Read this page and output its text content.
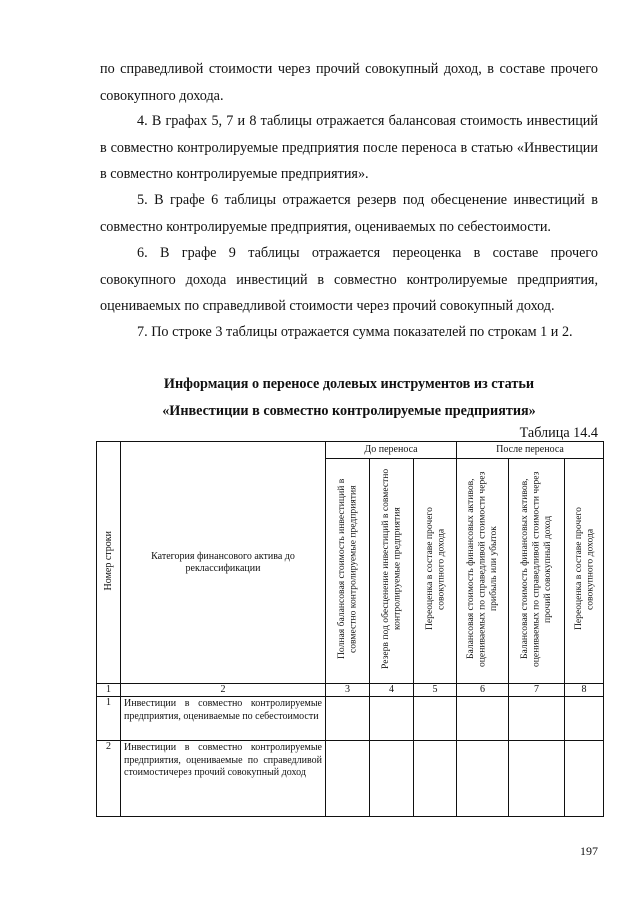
по справедливой стоимости через прочий совокупный доход, в составе прочего совокупного дохода.

4. В графах 5, 7 и 8 таблицы отражается балансовая стоимость инвестиций в совместно контролируемые предприятия после переноса в статью «Инвестиции в совместно контролируемые предприятия».

5. В графе 6 таблицы отражается резерв под обесценение инвестиций в совместно контролируемые предприятия, оцениваемых по себестоимости.

6. В графе 9 таблицы отражается переоценка в составе прочего совокупного дохода инвестиций в совместно контролируемые предприятия, оцениваемых по справедливой стоимости через прочий совокупный доход.

7. По строке 3 таблицы отражается сумма показателей по строкам 1 и 2.

Информация о переносе долевых инструментов из статьи

«Инвестиции в совместно контролируемые предприятия»

Таблица 14.4
Номер строки	Категория финансового актива до реклассификации	До переноса			После переноса		
		Полная балансовая стоимость инвестиций в совместно контролируемые предприятия	Резерв под обесценение инвестиций в совместно контролируемые предприятия	Переоценка в составе прочего совокупного дохода	Балансовая стоимость финансовых активов, оцениваемых по справедливой стоимости через прибыль или убыток	Балансовая стоимость финансовых активов, оцениваемых по справедливой стоимости через прочий совокупный доход	Переоценка в составе прочего совокупного дохода
1	2	3	4	5	6	7	8
1	Инвестиции в совместно контролируемые предприятия, оцениваемые по себестоимости						
2	Инвестиции в совместно контролируемые предприятия, оцениваемые по справедливой стоимостичерез прочий совокупный доход						
197
